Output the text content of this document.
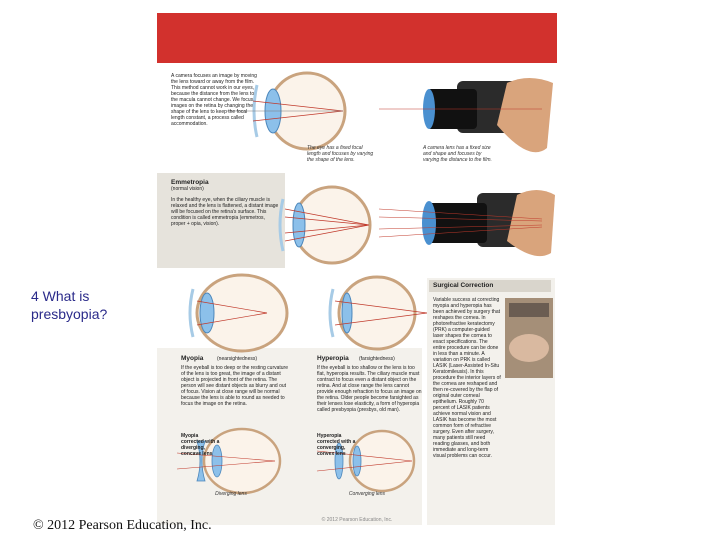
4 What is presbyopia?
A camera focuses an image by moving the lens toward or away from the film. This method cannot work in our eyes, because the distance from the lens to the macula cannot change. We focus images on the retina by changing the shape of the lens to keep the focal length constant, a process called accommodation.
The eye has a fixed focal length and focuses by varying the shape of the lens.
A camera lens has a fixed size and shape and focuses by varying the distance to the film.
Emmetropia
(normal vision)
In the healthy eye, when the ciliary muscle is relaxed and the lens is flattened, a distant image will be focused on the retina's surface. This condition is called emmetropia (emmetros, proper + opia, vision).
Myopia	(nearsightedness)
If the eyeball is too deep or the resting curvature of the lens is too great, the image of a distant object is projected in front of the retina. The person will see distant objects as blurry and out of focus. Vision at close range will be normal because the lens is able to round as needed to focus the image on the retina.
Hyperopia	(farsightedness)
If the eyeball is too shallow or the lens is too flat, hyperopia results. The ciliary muscle must contract to focus even a distant object on the retina. And at close range the lens cannot provide enough refraction to focus an image on the retina. Older people become farsighted as their lenses lose elasticity, a form of hyperopia called presbyopia (presbys, old man).
Myopia corrected with a diverging, concave lens
Hyperopia corrected with a converging, convex lens
Diverging lens	Converging lens
Surgical Correction
Variable success at correcting myopia and hyperopia has been achieved by surgery that reshapes the cornea. In photorefractive keratectomy (PRK) a computer-guided laser shapes the cornea to exact specifications. The entire procedure can be done in less than a minute. A variation on PRK is called LASIK (Laser-Assisted In-Situ Keratomileusis). In this procedure the interior layers of the cornea are reshaped and then re-covered by the flap of original outer corneal epithelium. Roughly 70 percent of LASIK patients achieve normal vision and LASIK has become the most common form of refractive surgery. Even after surgery, many patients still need reading glasses, and both immediate and long-term visual problems can occur.
© 2012 Pearson Education, Inc.
© 2012 Pearson Education, Inc.
